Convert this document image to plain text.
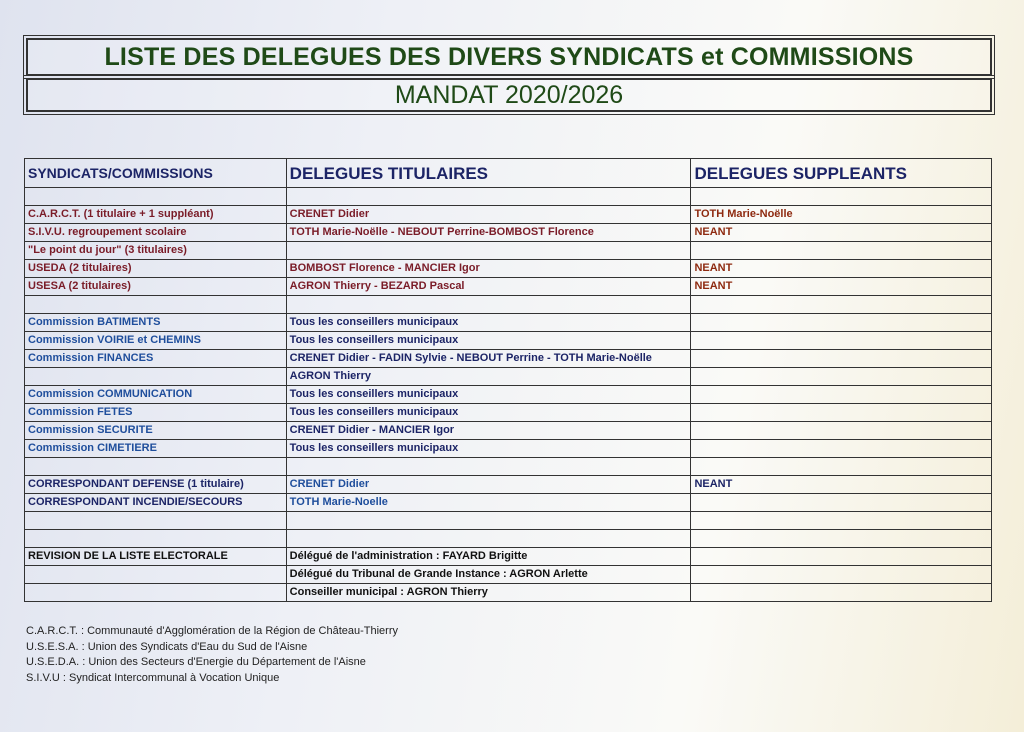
LISTE DES DELEGUES DES DIVERS SYNDICATS et COMMISSIONS
MANDAT 2020/2026
SYNDICATS/COMMISSIONS	DELEGUES TITULAIRES	DELEGUES SUPPLEANTS

C.A.R.C.T. (1 titulaire + 1 suppléant)	CRENET Didier	TOTH Marie-Noëlle
S.I.V.U. regroupement scolaire	TOTH Marie-Noëlle - NEBOUT Perrine-BOMBOST Florence	NEANT
"Le point du jour" (3 titulaires)		
USEDA (2 titulaires)	BOMBOST Florence - MANCIER Igor	NEANT
USESA (2 titulaires)	AGRON Thierry - BEZARD Pascal	NEANT

Commission BATIMENTS	Tous les conseillers municipaux	
Commission VOIRIE et CHEMINS	Tous les conseillers municipaux	
Commission FINANCES	CRENET Didier - FADIN Sylvie - NEBOUT Perrine - TOTH Marie-Noëlle	
	AGRON Thierry	
Commission COMMUNICATION	Tous les conseillers municipaux	
Commission FETES	Tous les conseillers municipaux	
Commission SECURITE	CRENET Didier - MANCIER Igor	
Commission CIMETIERE	Tous les conseillers municipaux	

CORRESPONDANT DEFENSE (1 titulaire)	CRENET Didier	NEANT
CORRESPONDANT INCENDIE/SECOURS	TOTH Marie-Noelle	

REVISION DE LA LISTE ELECTORALE	Délégué de l'administration : FAYARD Brigitte	
	Délégué du Tribunal de Grande Instance : AGRON Arlette	
	Conseiller municipal : AGRON Thierry	
C.A.R.C.T. : Communauté d'Agglomération de la Région de Château-Thierry
U.S.E.S.A. : Union des Syndicats d'Eau du Sud de l'Aisne
U.S.E.D.A. : Union des Secteurs d'Energie du Département de l'Aisne
S.I.V.U : Syndicat Intercommunal à Vocation Unique
